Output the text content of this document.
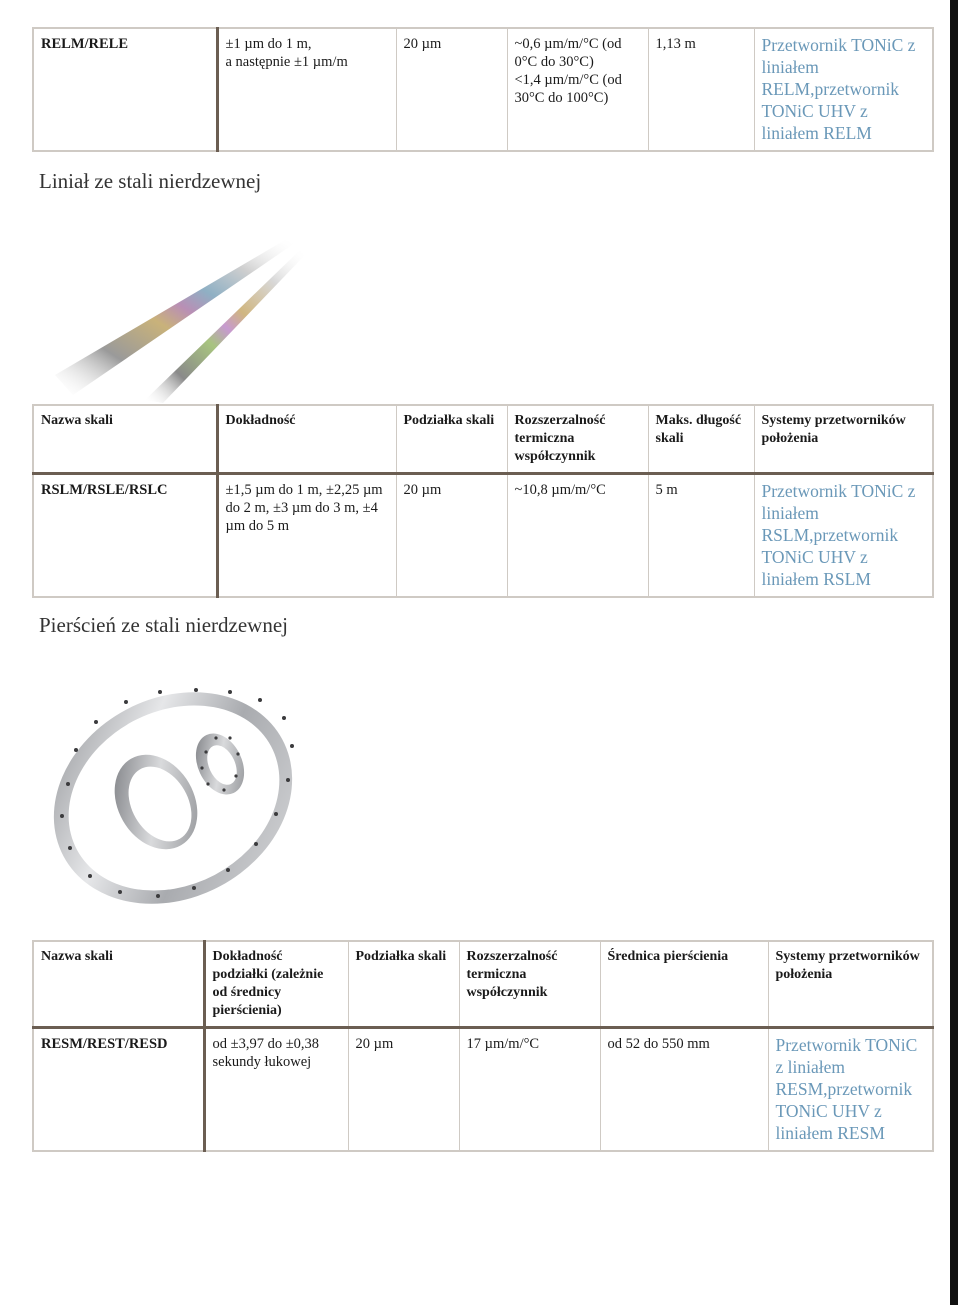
RELM/RELE	±1 µm do 1 m,
a następnie ±1 µm/m	20 µm	~0,6 µm/m/°C (od 0°C do 30°C)
<1,4 µm/m/°C (od 30°C do 100°C)	1,13 m	Przetwornik TONiC z liniałem RELM,przetwornik TONiC UHV z liniałem RELM
Liniał ze stali nierdzewnej
Nazwa skali	Dokładność	Podziałka skali	Rozszerzalność termiczna współczynnik	Maks. długość skali	Systemy przetworników położenia
RSLM/RSLE/RSLC	±1,5 µm do 1 m, ±2,25 µm do 2 m, ±3 µm do 3 m, ±4 µm do 5 m	20 µm	~10,8 µm/m/°C	5 m	Przetwornik TONiC z liniałem RSLM,przetwornik TONiC UHV z liniałem RSLM
Pierścień ze stali nierdzewnej
Nazwa skali	Dokładność podziałki (zależnie od średnicy pierścienia)	Podziałka skali	Rozszerzalność termiczna współczynnik	Średnica pierścienia	Systemy przetworników położenia
RESM/REST/RESD	od ±3,97 do ±0,38 sekundy łukowej	20 µm	17 µm/m/°C	od 52 do 550 mm	Przetwornik TONiC z liniałem RESM,przetwornik TONiC UHV z liniałem RESM
